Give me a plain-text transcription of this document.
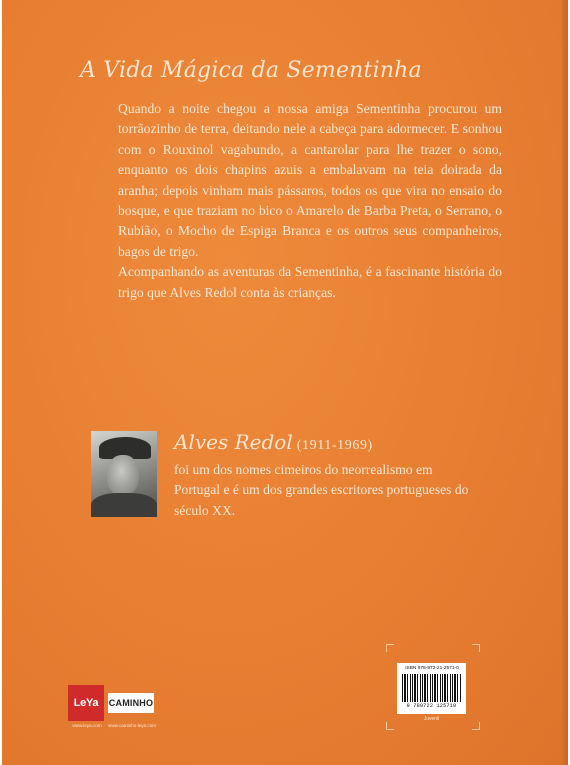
A Vida Mágica da Sementinha

Quando a noite chegou a nossa amiga Sementinha procurou um torrãozinho de terra, deitando nele a cabeça para adormecer. E sonhou com o Rouxinol vagabundo, a cantarolar para lhe trazer o sono, enquanto os dois chapins azuis a embalavam na teia doirada da aranha; depois vinham mais pássaros, todos os que vira no ensaio do bosque, e que traziam no bico o Amarelo de Barba Preta, o Serrano, o Rubião, o Mocho de Espiga Branca e os outros seus companheiros, bagos de trigo.

Acompanhando as aventuras da Sementinha, é a fascinante história do trigo que Alves Redol conta às crianças.

Alves Redol (1911-1969)
foi um dos nomes cimeiros do neorrealismo em Portugal e é um dos grandes escritores portugueses do século XX.
LeYa
www.leya.com
CAMINHO
www.caminho.leya.com
ISBN 978-972-21-2571-0
9 789722 125710
Juvenil
